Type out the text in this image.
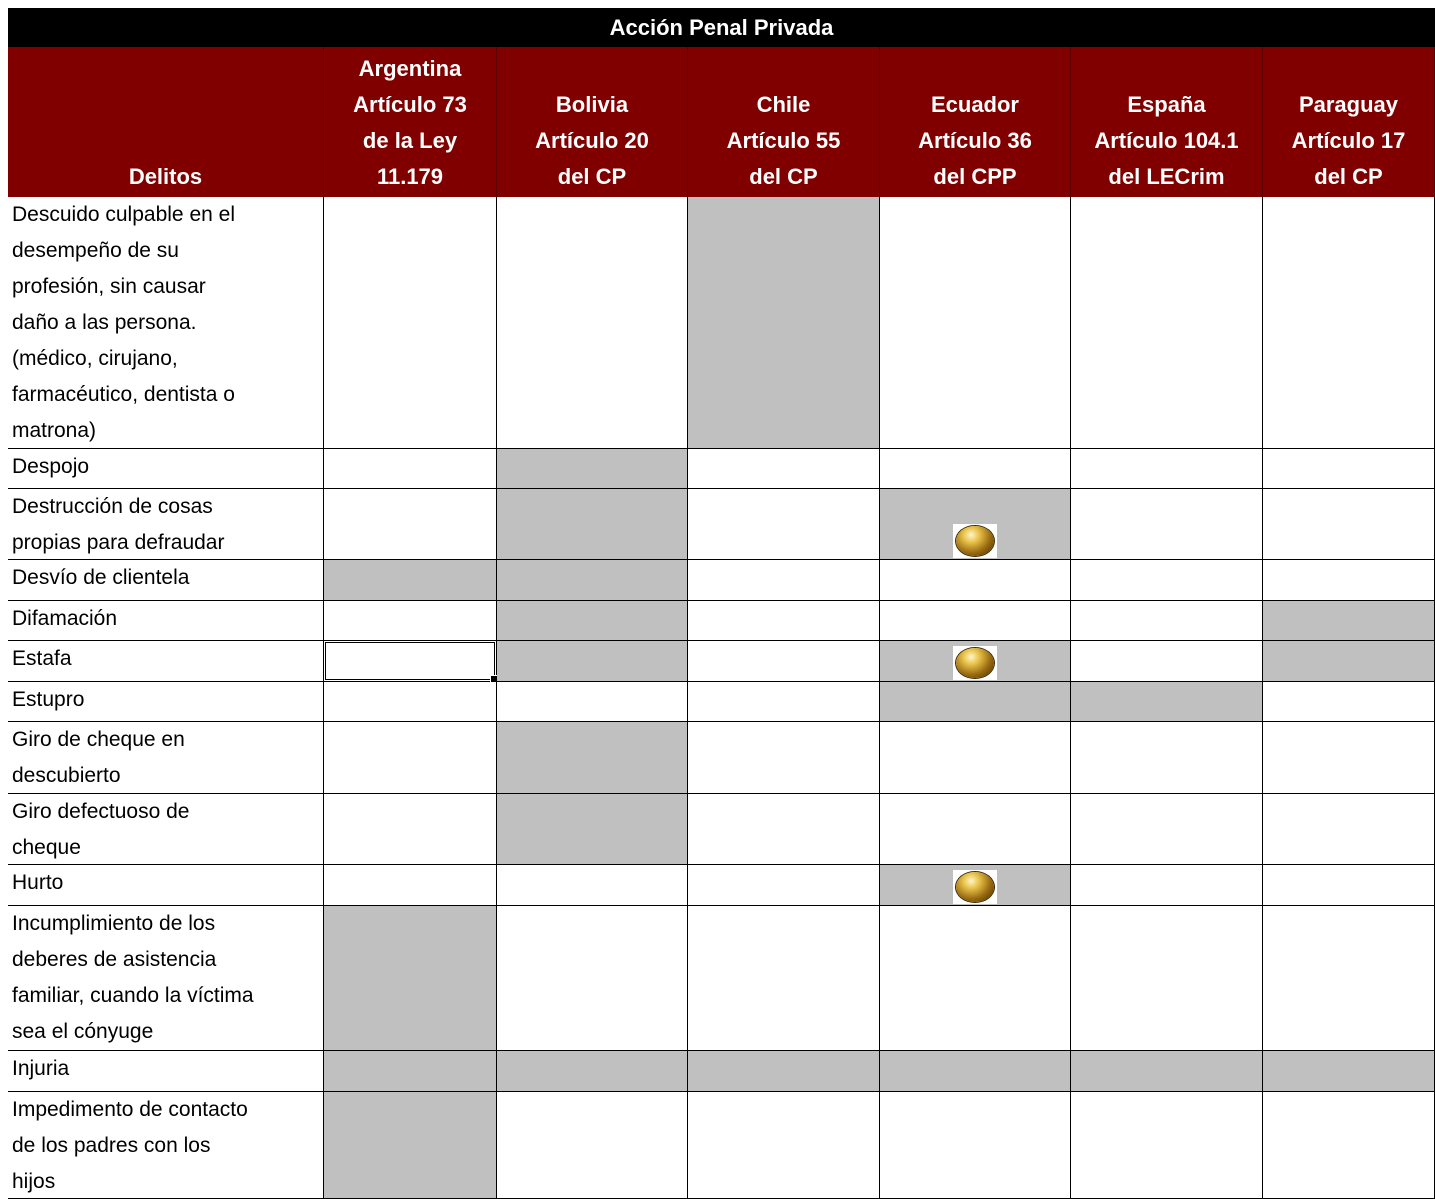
Acción Penal Privada
Delitos
Argentina
Artículo 73
de la Ley
11.179
Bolivia
Artículo 20
del CP
Chile
Artículo 55
del CP
Ecuador
Artículo 36
del CPP
España
Artículo 104.1
del LECrim
Paraguay
Artículo 17
del CP
Descuido culpable en el
desempeño de su
profesión, sin causar
daño a las persona.
(médico, cirujano,
farmacéutico, dentista o
matrona)
Despojo
Destrucción de cosas
propias para defraudar
Desvío de clientela
Difamación
Estafa
Estupro
Giro de cheque en
descubierto
Giro defectuoso de
cheque
Hurto
Incumplimiento de los
deberes de asistencia
familiar, cuando la víctima
sea el cónyuge
Injuria
Impedimento de contacto
de los padres con los
hijos
